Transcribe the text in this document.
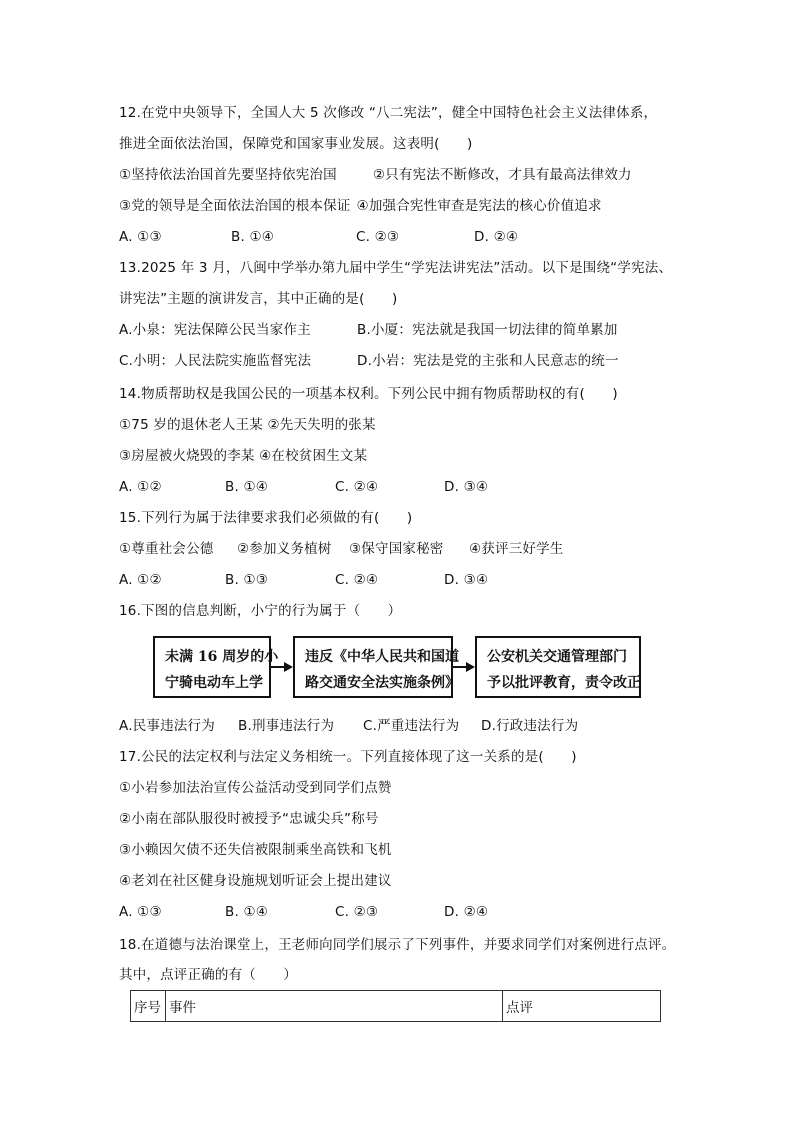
12.在党中央领导下，全国人大 5 次修改 “八二宪法”，健全中国特色社会主义法律体系，
推进全面依法治国，保障党和国家事业发展。这表明(　　)
①坚持依法治国首先要坚持依宪治国	②只有宪法不断修改，才具有最高法律效力
③党的领导是全面依法治国的根本保证 ④加强合宪性审查是宪法的核心价值追求
A. ①③	B. ①④	C. ②③	D. ②④
13.2025 年 3 月，八闽中学举办第九届中学生“学宪法讲宪法”活动。以下是围绕“学宪法、
讲宪法”主题的演讲发言，其中正确的是(　　)
A.小泉：宪法保障公民当家作主	B.小厦：宪法就是我国一切法律的简单累加
C.小明：人民法院实施监督宪法	D.小岩：宪法是党的主张和人民意志的统一
14.物质帮助权是我国公民的一项基本权利。下列公民中拥有物质帮助权的有(　　)
①75 岁的退休老人王某 ②先天失明的张某
③房屋被火烧毁的李某 ④在校贫困生文某
A. ①②	B. ①④	C. ②④	D. ③④
15.下列行为属于法律要求我们必须做的有(　　)
①尊重社会公德	②参加义务植树	③保守国家秘密	④获评三好学生
A. ①②	B. ①③	C. ②④	D. ③④
16.下图的信息判断，小宁的行为属于（　　）
未满 16 周岁的小
宁骑电动车上学
违反《中华人民共和国道
路交通安全法实施条例》
公安机关交通管理部门
予以批评教育，责令改正
A.民事违法行为	B.刑事违法行为	C.严重违法行为	D.行政违法行为
17.公民的法定权利与法定义务相统一。下列直接体现了这一关系的是(　　)
①小岩参加法治宣传公益活动受到同学们点赞
②小南在部队服役时被授予“忠诚尖兵”称号
③小赖因欠债不还失信被限制乘坐高铁和飞机
④老刘在社区健身设施规划听证会上提出建议
A. ①③	B. ①④	C. ②③	D. ②④
18.在道德与法治课堂上，王老师向同学们展示了下列事件，并要求同学们对案例进行点评。
其中，点评正确的有（　　）
序号	事件	点评
